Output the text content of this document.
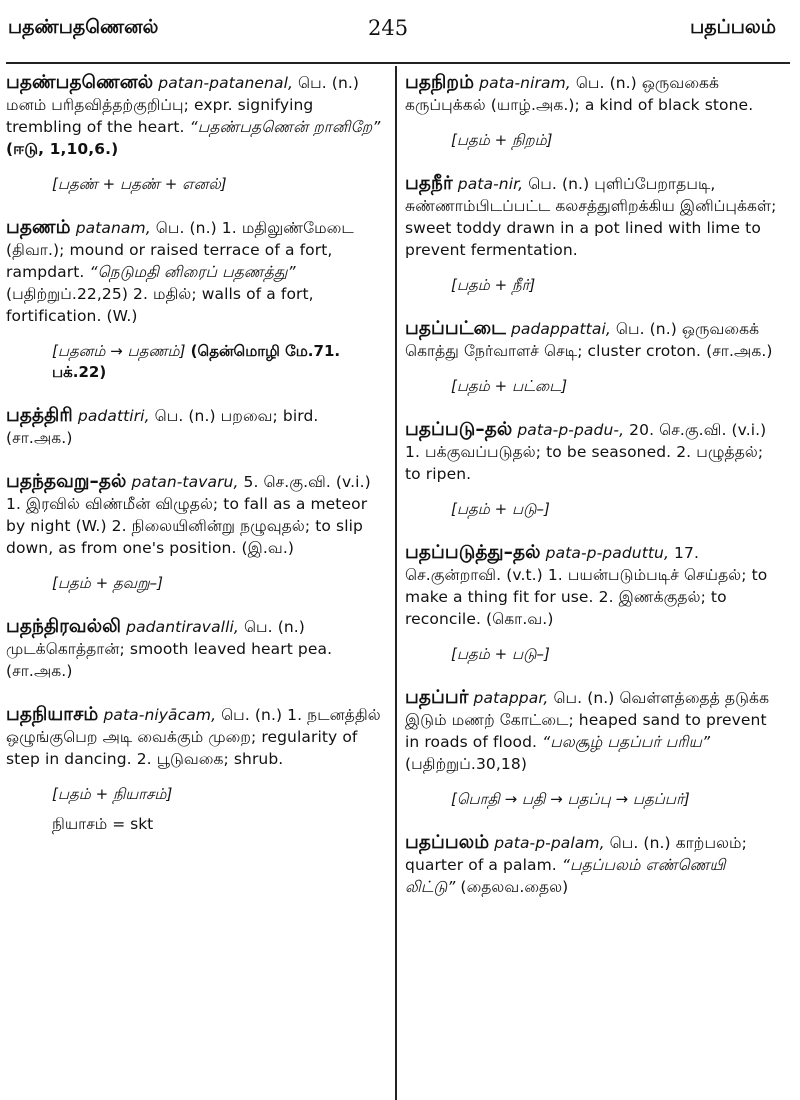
பதண்பதணெனல்	245	பதப்பலம்

பதண்பதணெனல் patan-patanenal, பெ. (n.) மனம் பரிதவித்தற்குறிப்பு; expr. signifying trembling of the heart. “பதண்பதணென் றானிறே” (ஈடு, 1,10,6.)

[பதண் + பதண் + எனல்]

பதணம் patanam, பெ. (n.) 1. மதிலுண்மேடை (திவா.); mound or raised terrace of a fort, rampdart. “நெடுமதி னிரைப் பதணத்து” (பதிற்றுப்.22,25) 2. மதில்; walls of a fort, fortification. (W.)

[பதனம் → பதணம்] (தென்மொழி மே.71. பக்.22)

பதத்திரி padattiri, பெ. (n.) பறவை; bird. (சா.அக.)

பதந்தவறு–தல் patan-tavaru, 5. செ.கு.வி. (v.i.) 1. இரவில் விண்மீன் விழுதல்; to fall as a meteor by night (W.) 2. நிலையினின்று நழுவுதல்; to slip down, as from one's position. (இ.வ.)

[பதம் + தவறு–]

பதந்திரவல்லி padantiravalli, பெ. (n.) முடக்கொத்தான்; smooth leaved heart pea. (சா.அக.)

பதநியாசம் pata-niyācam, பெ. (n.) 1. நடனத்தில் ஒழுங்குபெற அடி வைக்கும் முறை; regularity of step in dancing. 2. பூடுவகை; shrub.

[பதம் + நியாசம்]

நியாசம் = skt

பதநிறம் pata-niram, பெ. (n.) ஒருவகைக் கருப்புக்கல் (யாழ்.அக.); a kind of black stone.

[பதம் + நிறம்]

பதநீர் pata-nir, பெ. (n.) புளிப்பேறாதபடி, சுண்ணாம்பிடப்பட்ட கலசத்துளிறக்கிய இனிப்புக்கள்; sweet toddy drawn in a pot lined with lime to prevent fermentation.

[பதம் + நீர்]

பதப்பட்டை padappattai, பெ. (n.) ஒருவகைக் கொத்து நேர்வாளச் செடி; cluster croton. (சா.அக.)

[பதம் + பட்டை]

பதப்படு–தல் pata-p-padu-, 20. செ.கு.வி. (v.i.) 1. பக்குவப்படுதல்; to be seasoned. 2. பழுத்தல்; to ripen.

[பதம் + படு–]

பதப்படுத்து–தல் pata-p-paduttu, 17. செ.குன்றாவி. (v.t.) 1. பயன்படும்படிச் செய்தல்; to make a thing fit for use. 2. இணக்குதல்; to reconcile. (கொ.வ.)

[பதம் + படு–]

பதப்பர் patappar, பெ. (n.) வெள்ளத்தைத் தடுக்க இடும் மணற் கோட்டை; heaped sand to prevent in roads of flood. “பலசூழ் பதப்பர் பரிய” (பதிற்றுப்.30,18)

[பொதி → பதி → பதப்பு → பதப்பர்]

பதப்பலம் pata-p-palam, பெ. (n.) காற்பலம்; quarter of a palam. “பதப்பலம் எண்ணெயி லிட்டு” (தைலவ.தைல)
